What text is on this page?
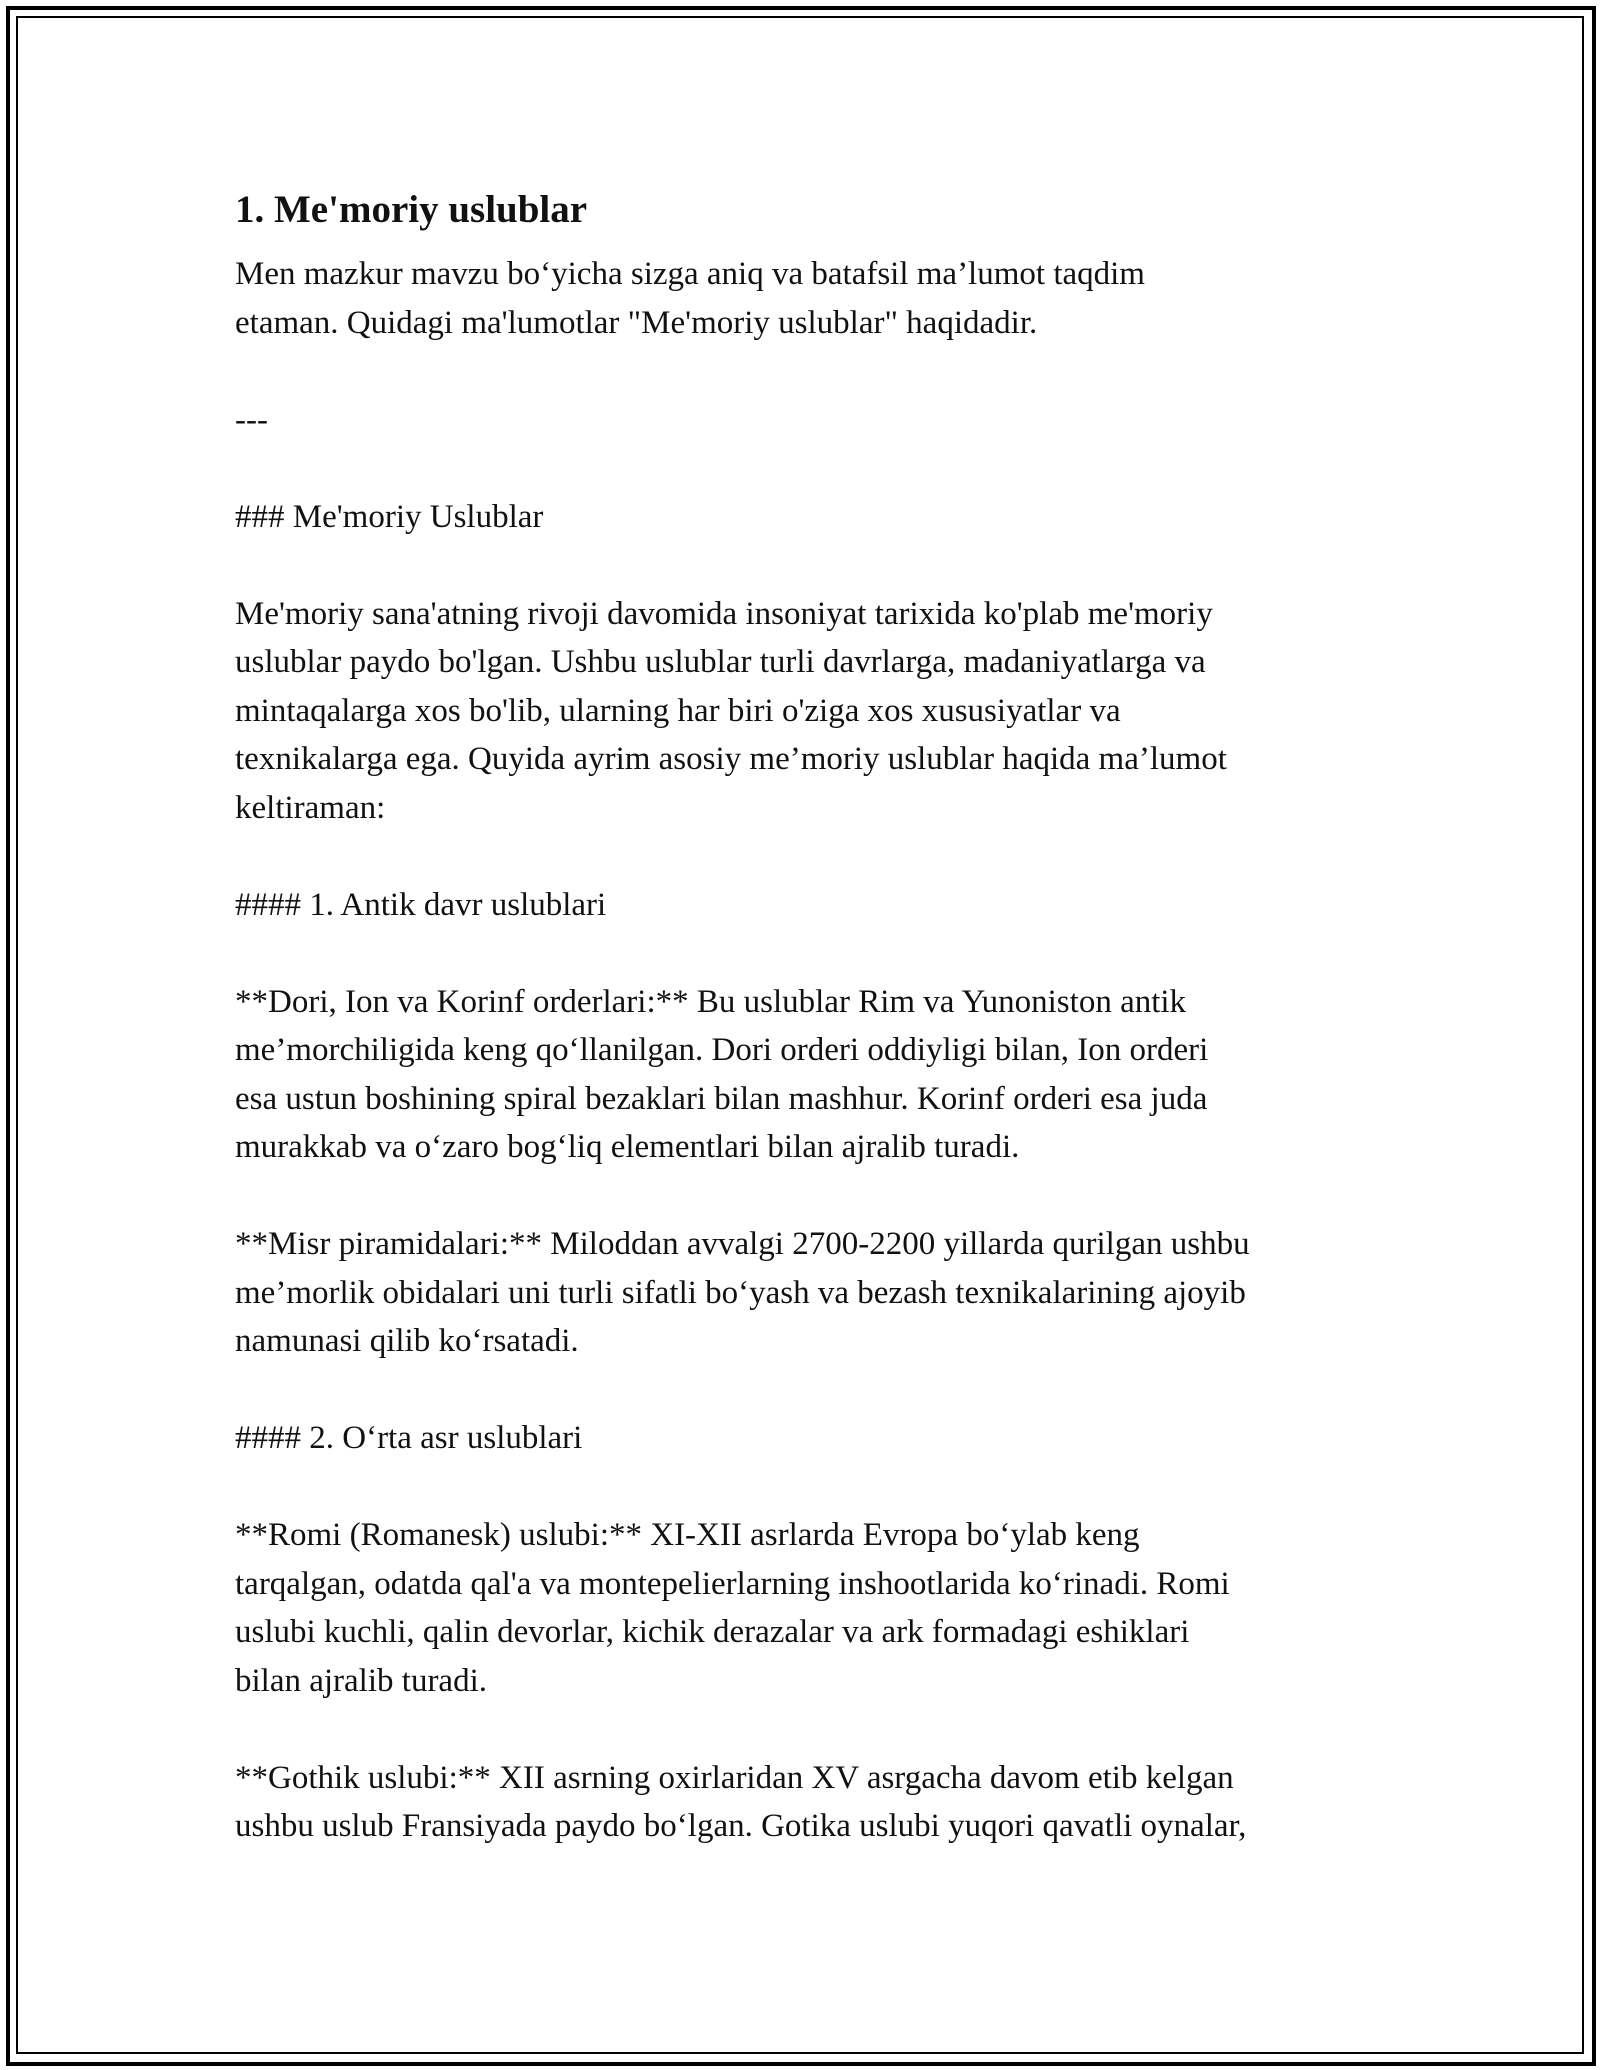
1. Me'moriy uslublar
Men mazkur mavzu bo‘yicha sizga aniq va batafsil ma’lumot taqdim
etaman. Quidagi ma'lumotlar "Me'moriy uslublar" haqidadir.
---
### Me'moriy Uslublar
Me'moriy sana'atning rivoji davomida insoniyat tarixida ko'plab me'moriy
uslublar paydo bo'lgan. Ushbu uslublar turli davrlarga, madaniyatlarga va
mintaqalarga xos bo'lib, ularning har biri o'ziga xos xususiyatlar va
texnikalarga ega. Quyida ayrim asosiy me’moriy uslublar haqida ma’lumot
keltiraman:
#### 1. Antik davr uslublari
**Dori, Ion va Korinf orderlari:** Bu uslublar Rim va Yunoniston antik
me’morchiligida keng qo‘llanilgan. Dori orderi oddiyligi bilan, Ion orderi
esa ustun boshining spiral bezaklari bilan mashhur. Korinf orderi esa juda
murakkab va o‘zaro bog‘liq elementlari bilan ajralib turadi.
**Misr piramidalari:** Miloddan avvalgi 2700-2200 yillarda qurilgan ushbu
me’morlik obidalari uni turli sifatli bo‘yash va bezash texnikalarining ajoyib
namunasi qilib ko‘rsatadi.
#### 2. O‘rta asr uslublari
**Romi (Romanesk) uslubi:** XI-XII asrlarda Evropa bo‘ylab keng
tarqalgan, odatda qal'a va montepelierlarning inshootlarida ko‘rinadi. Romi
uslubi kuchli, qalin devorlar, kichik derazalar va ark formadagi eshiklari
bilan ajralib turadi.
**Gothik uslubi:** XII asrning oxirlaridan XV asrgacha davom etib kelgan
ushbu uslub Fransiyada paydo bo‘lgan. Gotika uslubi yuqori qavatli oynalar,
